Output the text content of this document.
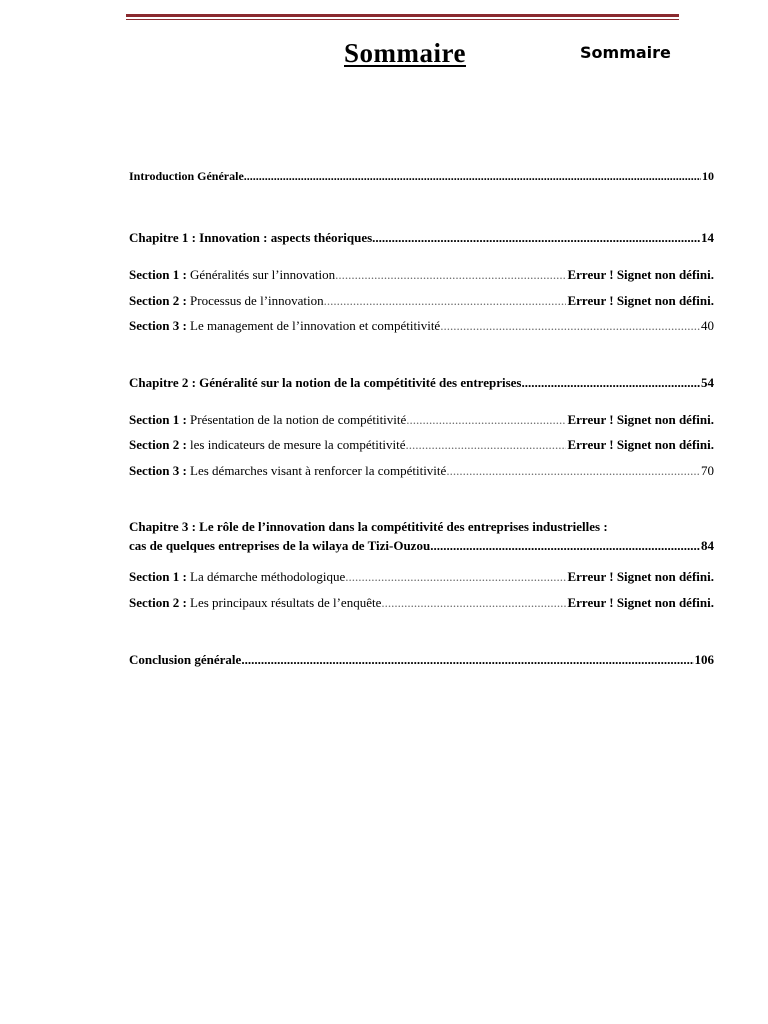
Sommaire	Sommaire
Introduction Générale .....	10
Chapitre 1 : Innovation : aspects théoriques .....	14
Section 1 : Généralités sur l’innovation .....	Erreur ! Signet non défini.
Section 2 : Processus de l’innovation .....	Erreur ! Signet non défini.
Section 3 : Le management de l’innovation et compétitivité .....	40
Chapitre 2 : Généralité sur la notion de la compétitivité des entreprises .....	54
Section 1 : Présentation de la notion de compétitivité .....	Erreur ! Signet non défini.
Section 2 : les indicateurs de mesure la compétitivité .....	Erreur ! Signet non défini.
Section 3 : Les démarches visant à renforcer la compétitivité .....	70
Chapitre 3 : Le rôle de l’innovation dans la compétitivité des entreprises industrielles :
cas de quelques entreprises de la wilaya de Tizi-Ouzou .....	84
Section 1 : La démarche méthodologique .....	Erreur ! Signet non défini.
Section 2 : Les principaux résultats de l’enquête .....	Erreur ! Signet non défini.
Conclusion générale .....	106
